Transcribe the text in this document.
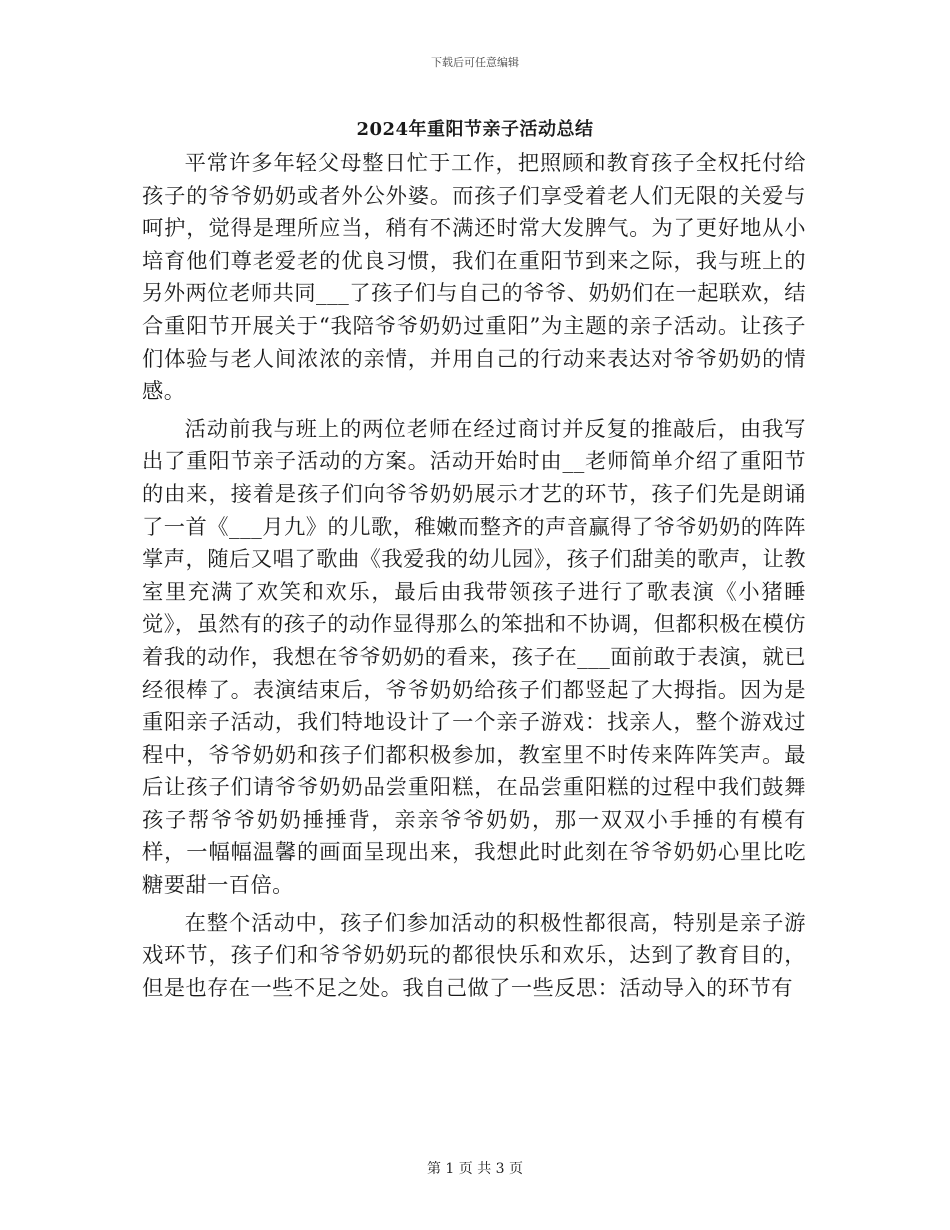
下载后可任意编辑
2024年重阳节亲子活动总结

平常许多年轻父母整日忙于工作，把照顾和教育孩子全权托付给孩子的爷爷奶奶或者外公外婆。而孩子们享受着老人们无限的关爱与呵护，觉得是理所应当，稍有不满还时常大发脾气。为了更好地从小培育他们尊老爱老的优良习惯，我们在重阳节到来之际，我与班上的另外两位老师共同___了孩子们与自己的爷爷、奶奶们在一起联欢，结合重阳节开展关于“我陪爷爷奶奶过重阳”为主题的亲子活动。让孩子们体验与老人间浓浓的亲情，并用自己的行动来表达对爷爷奶奶的情感。

活动前我与班上的两位老师在经过商讨并反复的推敲后，由我写出了重阳节亲子活动的方案。活动开始时由__老师简单介绍了重阳节的由来，接着是孩子们向爷爷奶奶展示才艺的环节，孩子们先是朗诵了一首《___月九》的儿歌，稚嫩而整齐的声音赢得了爷爷奶奶的阵阵掌声，随后又唱了歌曲《我爱我的幼儿园》，孩子们甜美的歌声，让教室里充满了欢笑和欢乐，最后由我带领孩子进行了歌表演《小猪睡觉》，虽然有的孩子的动作显得那么的笨拙和不协调，但都积极在模仿着我的动作，我想在爷爷奶奶的看来，孩子在___面前敢于表演，就已经很棒了。表演结束后，爷爷奶奶给孩子们都竖起了大拇指。因为是重阳亲子活动，我们特地设计了一个亲子游戏：找亲人，整个游戏过程中，爷爷奶奶和孩子们都积极参加，教室里不时传来阵阵笑声。最后让孩子们请爷爷奶奶品尝重阳糕，在品尝重阳糕的过程中我们鼓舞孩子帮爷爷奶奶捶捶背，亲亲爷爷奶奶，那一双双小手捶的有模有样，一幅幅温馨的画面呈现出来，我想此时此刻在爷爷奶奶心里比吃糖要甜一百倍。

在整个活动中，孩子们参加活动的积极性都很高，特别是亲子游戏环节，孩子们和爷爷奶奶玩的都很快乐和欢乐，达到了教育目的，但是也存在一些不足之处。我自己做了一些反思：活动导入的环节有

第 1 页 共 3 页
